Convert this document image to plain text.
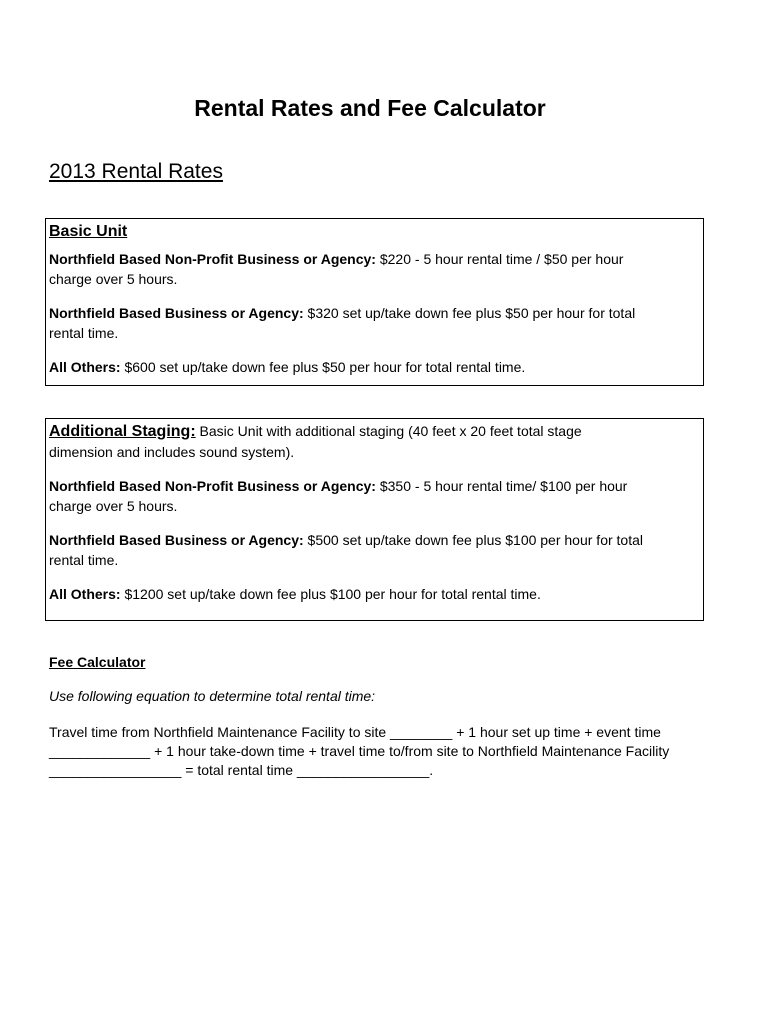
Rental Rates and Fee Calculator
2013 Rental Rates
Basic Unit

Northfield Based Non-Profit Business or Agency: $220 - 5 hour rental time / $50 per hour charge over 5 hours.

Northfield Based Business or Agency: $320 set up/take down fee plus $50 per hour for total rental time.

All Others: $600 set up/take down fee plus $50 per hour for total rental time.

Additional Staging: Basic Unit with additional staging (40 feet x 20 feet total stage dimension and includes sound system).

Northfield Based Non-Profit Business or Agency: $350 - 5 hour rental time/ $100 per hour charge over 5 hours.

Northfield Based Business or Agency: $500 set up/take down fee plus $100 per hour for total rental time.

All Others: $1200 set up/take down fee plus $100 per hour for total rental time.

Fee Calculator

Use following equation to determine total rental time:

Travel time from Northfield Maintenance Facility to site ________ + 1 hour set up time + event time _____________ + 1 hour take-down time + travel time to/from site to Northfield Maintenance Facility _________________ = total rental time _________________.
